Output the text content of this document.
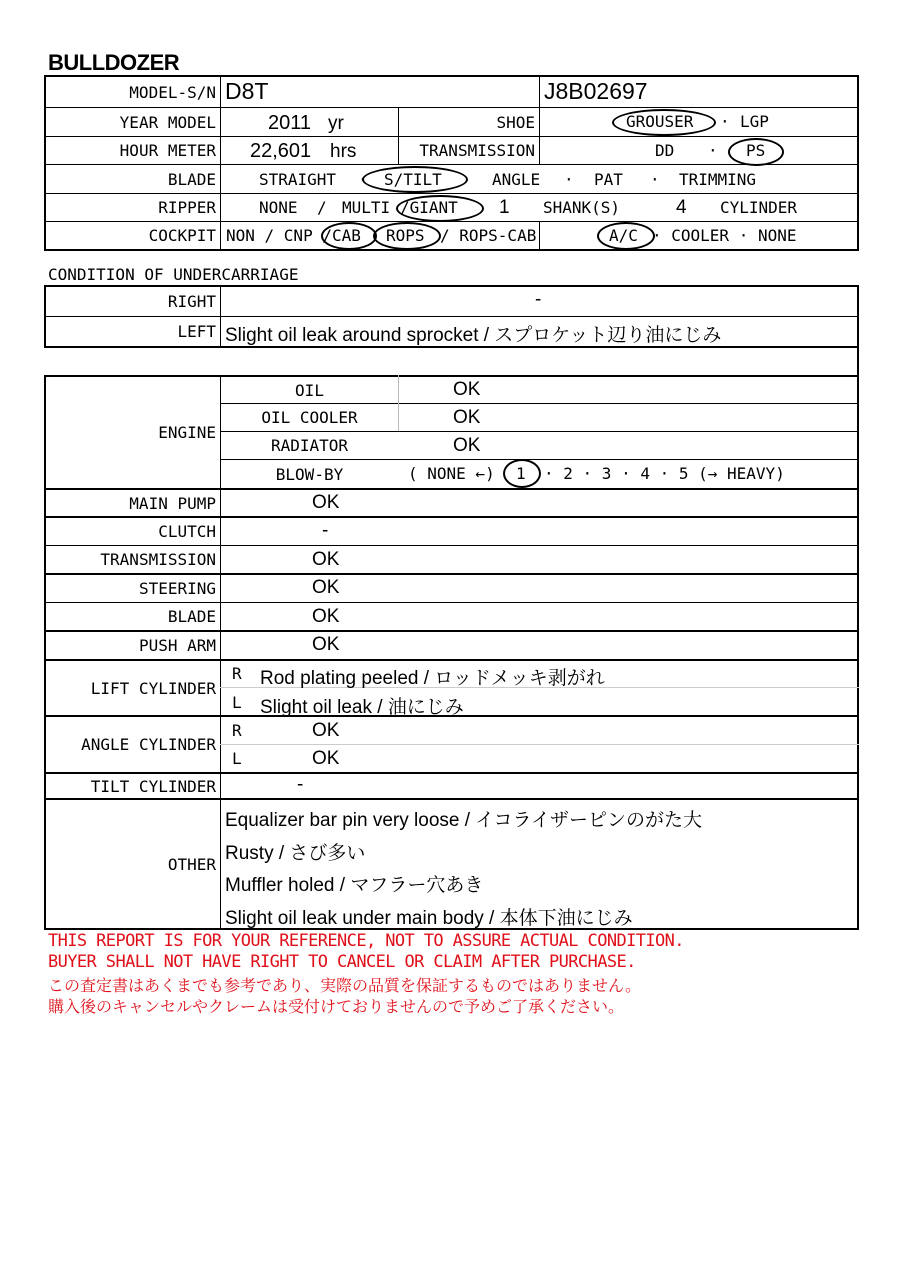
BULLDOZER
MODEL-S/N D8T	J8B02697
YEAR MODEL	2011 yr	SHOE	GROUSER · LGP
HOUR METER 22,601 hrs	TRANSMISSION	DD · PS
BLADE	STRAIGHT · S/TILT	ANGLE · PAT · TRIMMING
RIPPER	NONE / MULTI /GIANT 1 SHANK(S)	4 CYLINDER
COCKPIT NON / CNP / CAB ROPS / ROPS-CAB	A/C · COOLER · NONE
CONDITION OF UNDERCARRIAGE
RIGHT	-
LEFT Slight oil leak around sprocket / スプロケット辺り油にじみ
ENGINE
OIL	OK
OIL COOLER	OK
RADIATOR	OK
BLOW-BY	( NONE ←) 1 · 2 · 3 · 4 · 5 (→ HEAVY)
MAIN PUMP	OK
CLUTCH	-
TRANSMISSION	OK
STEERING	OK
BLADE	OK
PUSH ARM	OK
LIFT CYLINDER
R Rod plating peeled / ロッドメッキ剥がれ
L Slight oil leak / 油にじみ
ANGLE CYLINDER
R	OK
L	OK
TILT CYLINDER	-
OTHER
Equalizer bar pin very loose / イコライザーピンのがた大
Rusty / さび多い
Muffler holed / マフラー穴あき
Slight oil leak under main body / 本体下油にじみ
THIS REPORT IS FOR YOUR REFERENCE, NOT TO ASSURE ACTUAL CONDITION.
BUYER SHALL NOT HAVE RIGHT TO CANCEL OR CLAIM AFTER PURCHASE.
この査定書はあくまでも参考であり、実際の品質を保証するものではありません。
購入後のキャンセルやクレームは受付けておりませんので予めご了承ください。
